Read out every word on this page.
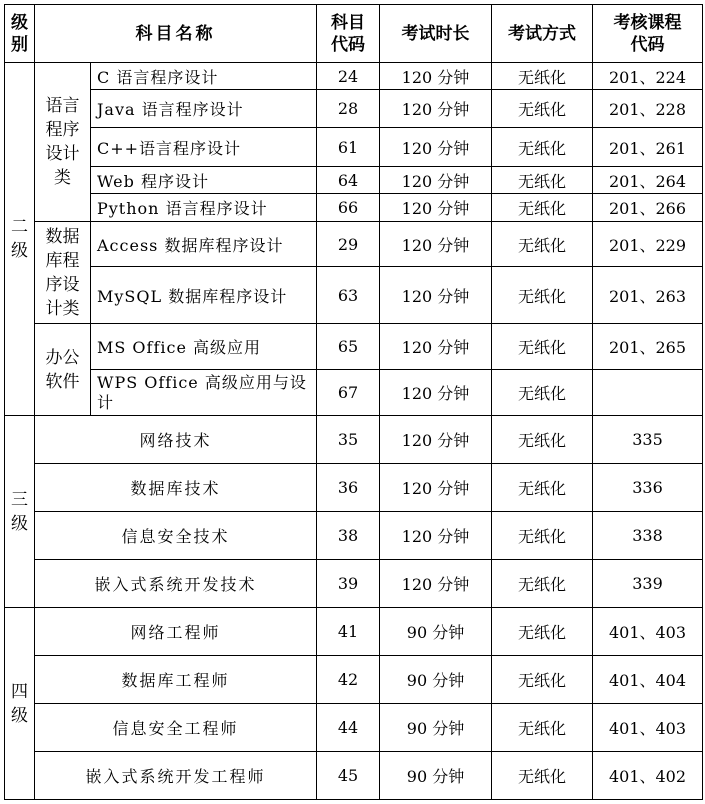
级别	科目名称		科目代码	考试时长	考试方式	考核课程代码
二级	语言程序设计类	C 语言程序设计	24	120 分钟	无纸化	201、224
		Java 语言程序设计	28	120 分钟	无纸化	201、228
		C++语言程序设计	61	120 分钟	无纸化	201、261
		Web 程序设计	64	120 分钟	无纸化	201、264
		Python 语言程序设计	66	120 分钟	无纸化	201、266
	数据库程序设计类	Access 数据库程序设计	29	120 分钟	无纸化	201、229
		MySQL 数据库程序设计	63	120 分钟	无纸化	201、263
	办公软件	MS Office 高级应用	65	120 分钟	无纸化	201、265
		WPS Office 高级应用与设计	67	120 分钟	无纸化	
三级	网络技术		35	120 分钟	无纸化	335
	数据库技术		36	120 分钟	无纸化	336
	信息安全技术		38	120 分钟	无纸化	338
	嵌入式系统开发技术		39	120 分钟	无纸化	339
四级	网络工程师		41	90 分钟	无纸化	401、403
	数据库工程师		42	90 分钟	无纸化	401、404
	信息安全工程师		44	90 分钟	无纸化	401、403
	嵌入式系统开发工程师		45	90 分钟	无纸化	401、402
